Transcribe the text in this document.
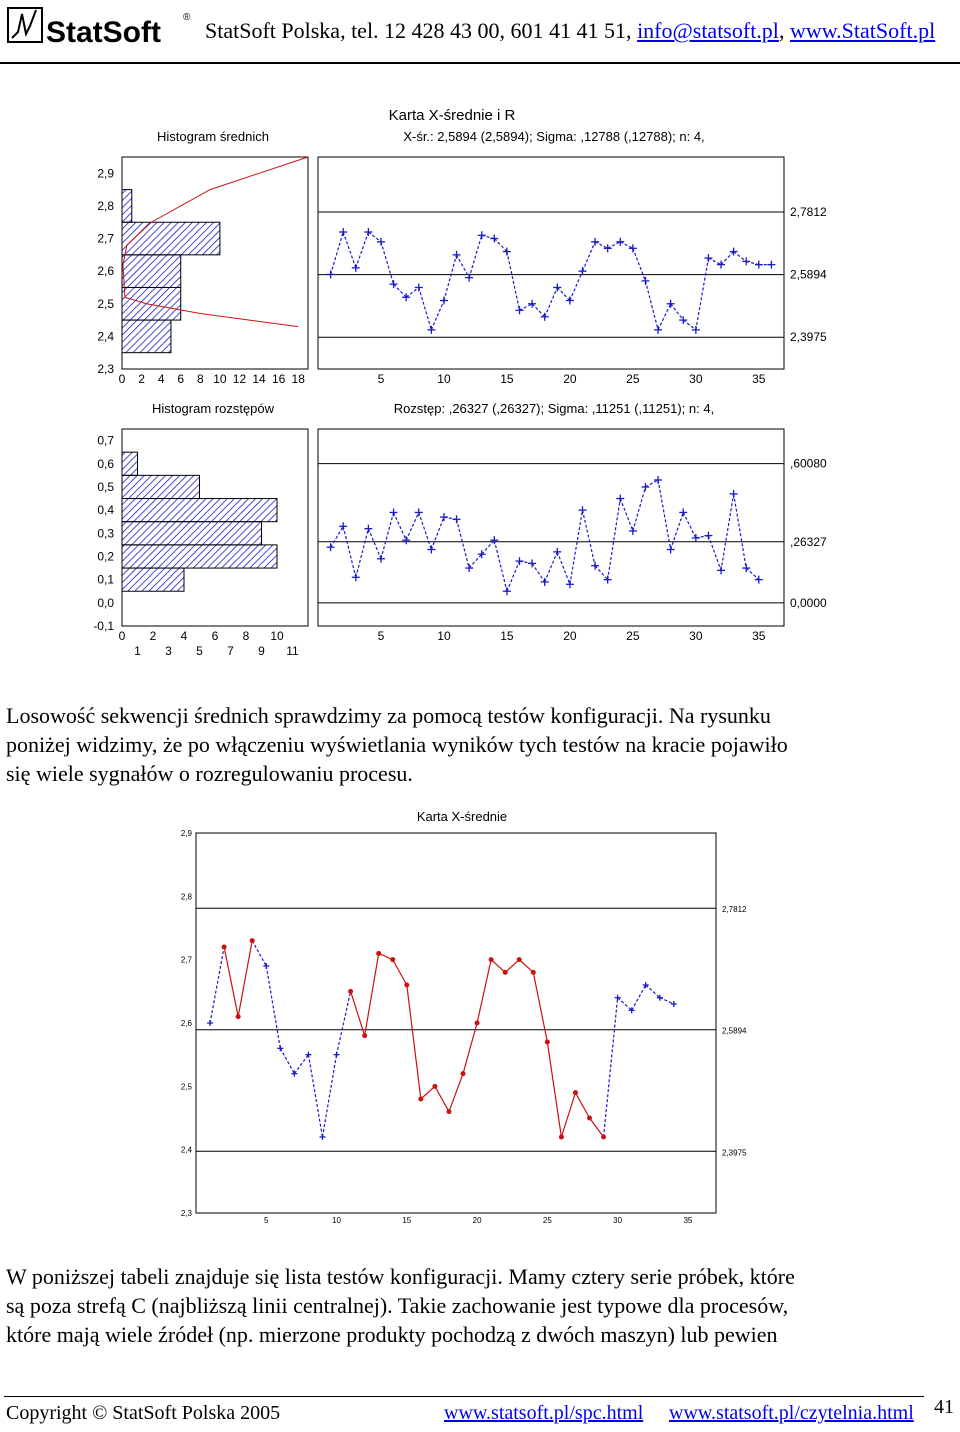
StatSoft ®
StatSoft Polska, tel. 12 428 43 00, 601 41 41 51, info@statsoft.pl, www.StatSoft.pl
Karta X-średnie i R
Histogram średnich	X-śr.: 2,5894 (2,5894); Sigma: ,12788 (,12788); n: 4,
Histogram rozstępów	Rozstęp: ,26327 (,26327); Sigma: ,11251 (,11251); n: 4,
2,9
2,8
2,7
2,6
2,5
2,4
2,3
0 2 4 6 8 10 12 14 16 18	5	10	15	20	25	30	35
2,7812
2,5894
2,3975
0,7
0,6
0,5
0,4
0,3
0,2
0,1
0,0
-0,1
0 2 4 6 8 10
1 3 5 7 9 11
5	10	15	20	25	30	35
,60080
,26327
0,0000
Losowość sekwencji średnich sprawdzimy za pomocą testów konfiguracji. Na rysunku
poniżej widzimy, że po włączeniu wyświetlania wyników tych testów na kracie pojawiło
się wiele sygnałów o rozregulowaniu procesu.
Karta X-średnie
5	10	15	20	25	30	35
2,9
2,8
2,7
2,6
2,5
2,4
2,3
2,7812
2,5894
2,3975
W poniższej tabeli znajduje się lista testów konfiguracji. Mamy cztery serie próbek, które
są poza strefą C (najbliższą linii centralnej). Takie zachowanie jest typowe dla procesów,
które mają wiele źródeł (np. mierzone produkty pochodzą z dwóch maszyn) lub pewien
Copyright © StatSoft Polska 2005	www.statsoft.pl/spc.html www.statsoft.pl/czytelnia.html 41
